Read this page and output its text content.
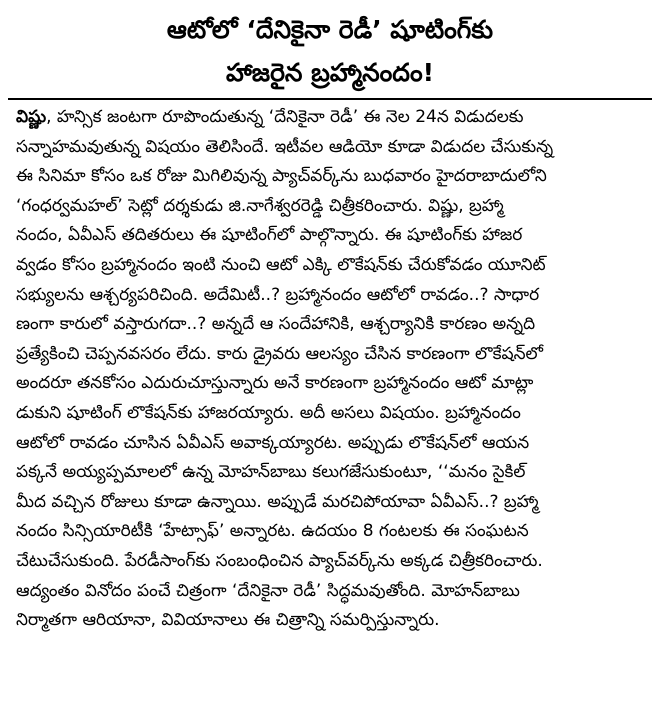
ఆటోలో ‘దేనికైనా రెడీ’ షూటింగ్‌కు
హాజరైన బ్రహ్మానందం!
విష్ణు, హన్సిక జంటగా రూపొందుతున్న ‘దేనికైనా రెడీ’ ఈ నెల 24న విడుదలకు
సన్నాహమవుతున్న విషయం తెలిసిందే. ఇటీవల ఆడియో కూడా విడుదల చేసుకున్న
ఈ సినిమా కోసం ఒక రోజు మిగిలివున్న ప్యాచ్‌వర్క్‌ను బుధవారం హైదరాబాదులోని
‘గంధర్వమహల్’ సెట్లో దర్శకుడు జి.నాగేశ్వరరెడ్డి చిత్రీకరించారు. విష్ణు, బ్రహ్మా
నందం, ఏవీఎస్ తదితరులు ఈ షూటింగ్‌లో పాల్గొన్నారు. ఈ షూటింగ్‌కు హాజర
వ్వడం కోసం బ్రహ్మానందం ఇంటి నుంచి ఆటో ఎక్కి లొకేషన్‌కు చేరుకోవడం యూనిట్
సభ్యులను ఆశ్చర్యపరిచింది. అదేమిటీ..? బ్రహ్మానందం ఆటోలో రావడం..? సాధార
ణంగా కారులో వస్తారుగదా..? అన్నదే ఆ సందేహానికి, ఆశ్చర్యానికి కారణం అన్నది
ప్రత్యేకించి చెప్పనవసరం లేదు. కారు డ్రైవరు ఆలస్యం చేసిన కారణంగా లొకేషన్‌లో
అందరూ తనకోసం ఎదురుచూస్తున్నారు అనే కారణంగా బ్రహ్మానందం ఆటో మాట్లా
డుకుని షూటింగ్ లొకేషన్‌కు హాజరయ్యారు. అదీ అసలు విషయం. బ్రహ్మానందం
ఆటోలో రావడం చూసిన ఏవీఎస్ అవాక్కయ్యారట. అప్పుడు లొకేషన్‌లో ఆయన
పక్కనే అయ్యప్పమాలలో ఉన్న మోహన్‌బాబు కలుగజేసుకుంటూ, ‘‘మనం సైకిల్
మీద వచ్చిన రోజులు కూడా ఉన్నాయి. అప్పుడే మరచిపోయావా ఏవీఎస్..? బ్రహ్మా
నందం సిన్సియారిటీకి ‘హేట్సాఫ్’ అన్నారట. ఉదయం 8 గంటలకు ఈ సంఘటన
చేటుచేసుకుంది. పేరడీసాంగ్‌కు సంబంధించిన ప్యాచ్‌వర్క్‌ను అక్కడ చిత్రీకరించారు.
ఆద్యంతం వినోదం పంచే చిత్రంగా ‘దేనికైనా రెడీ’ సిద్ధమవుతోంది. మోహన్‌బాబు
నిర్మాతగా ఆరియానా, వివియానాలు ఈ చిత్రాన్ని సమర్పిస్తున్నారు.
